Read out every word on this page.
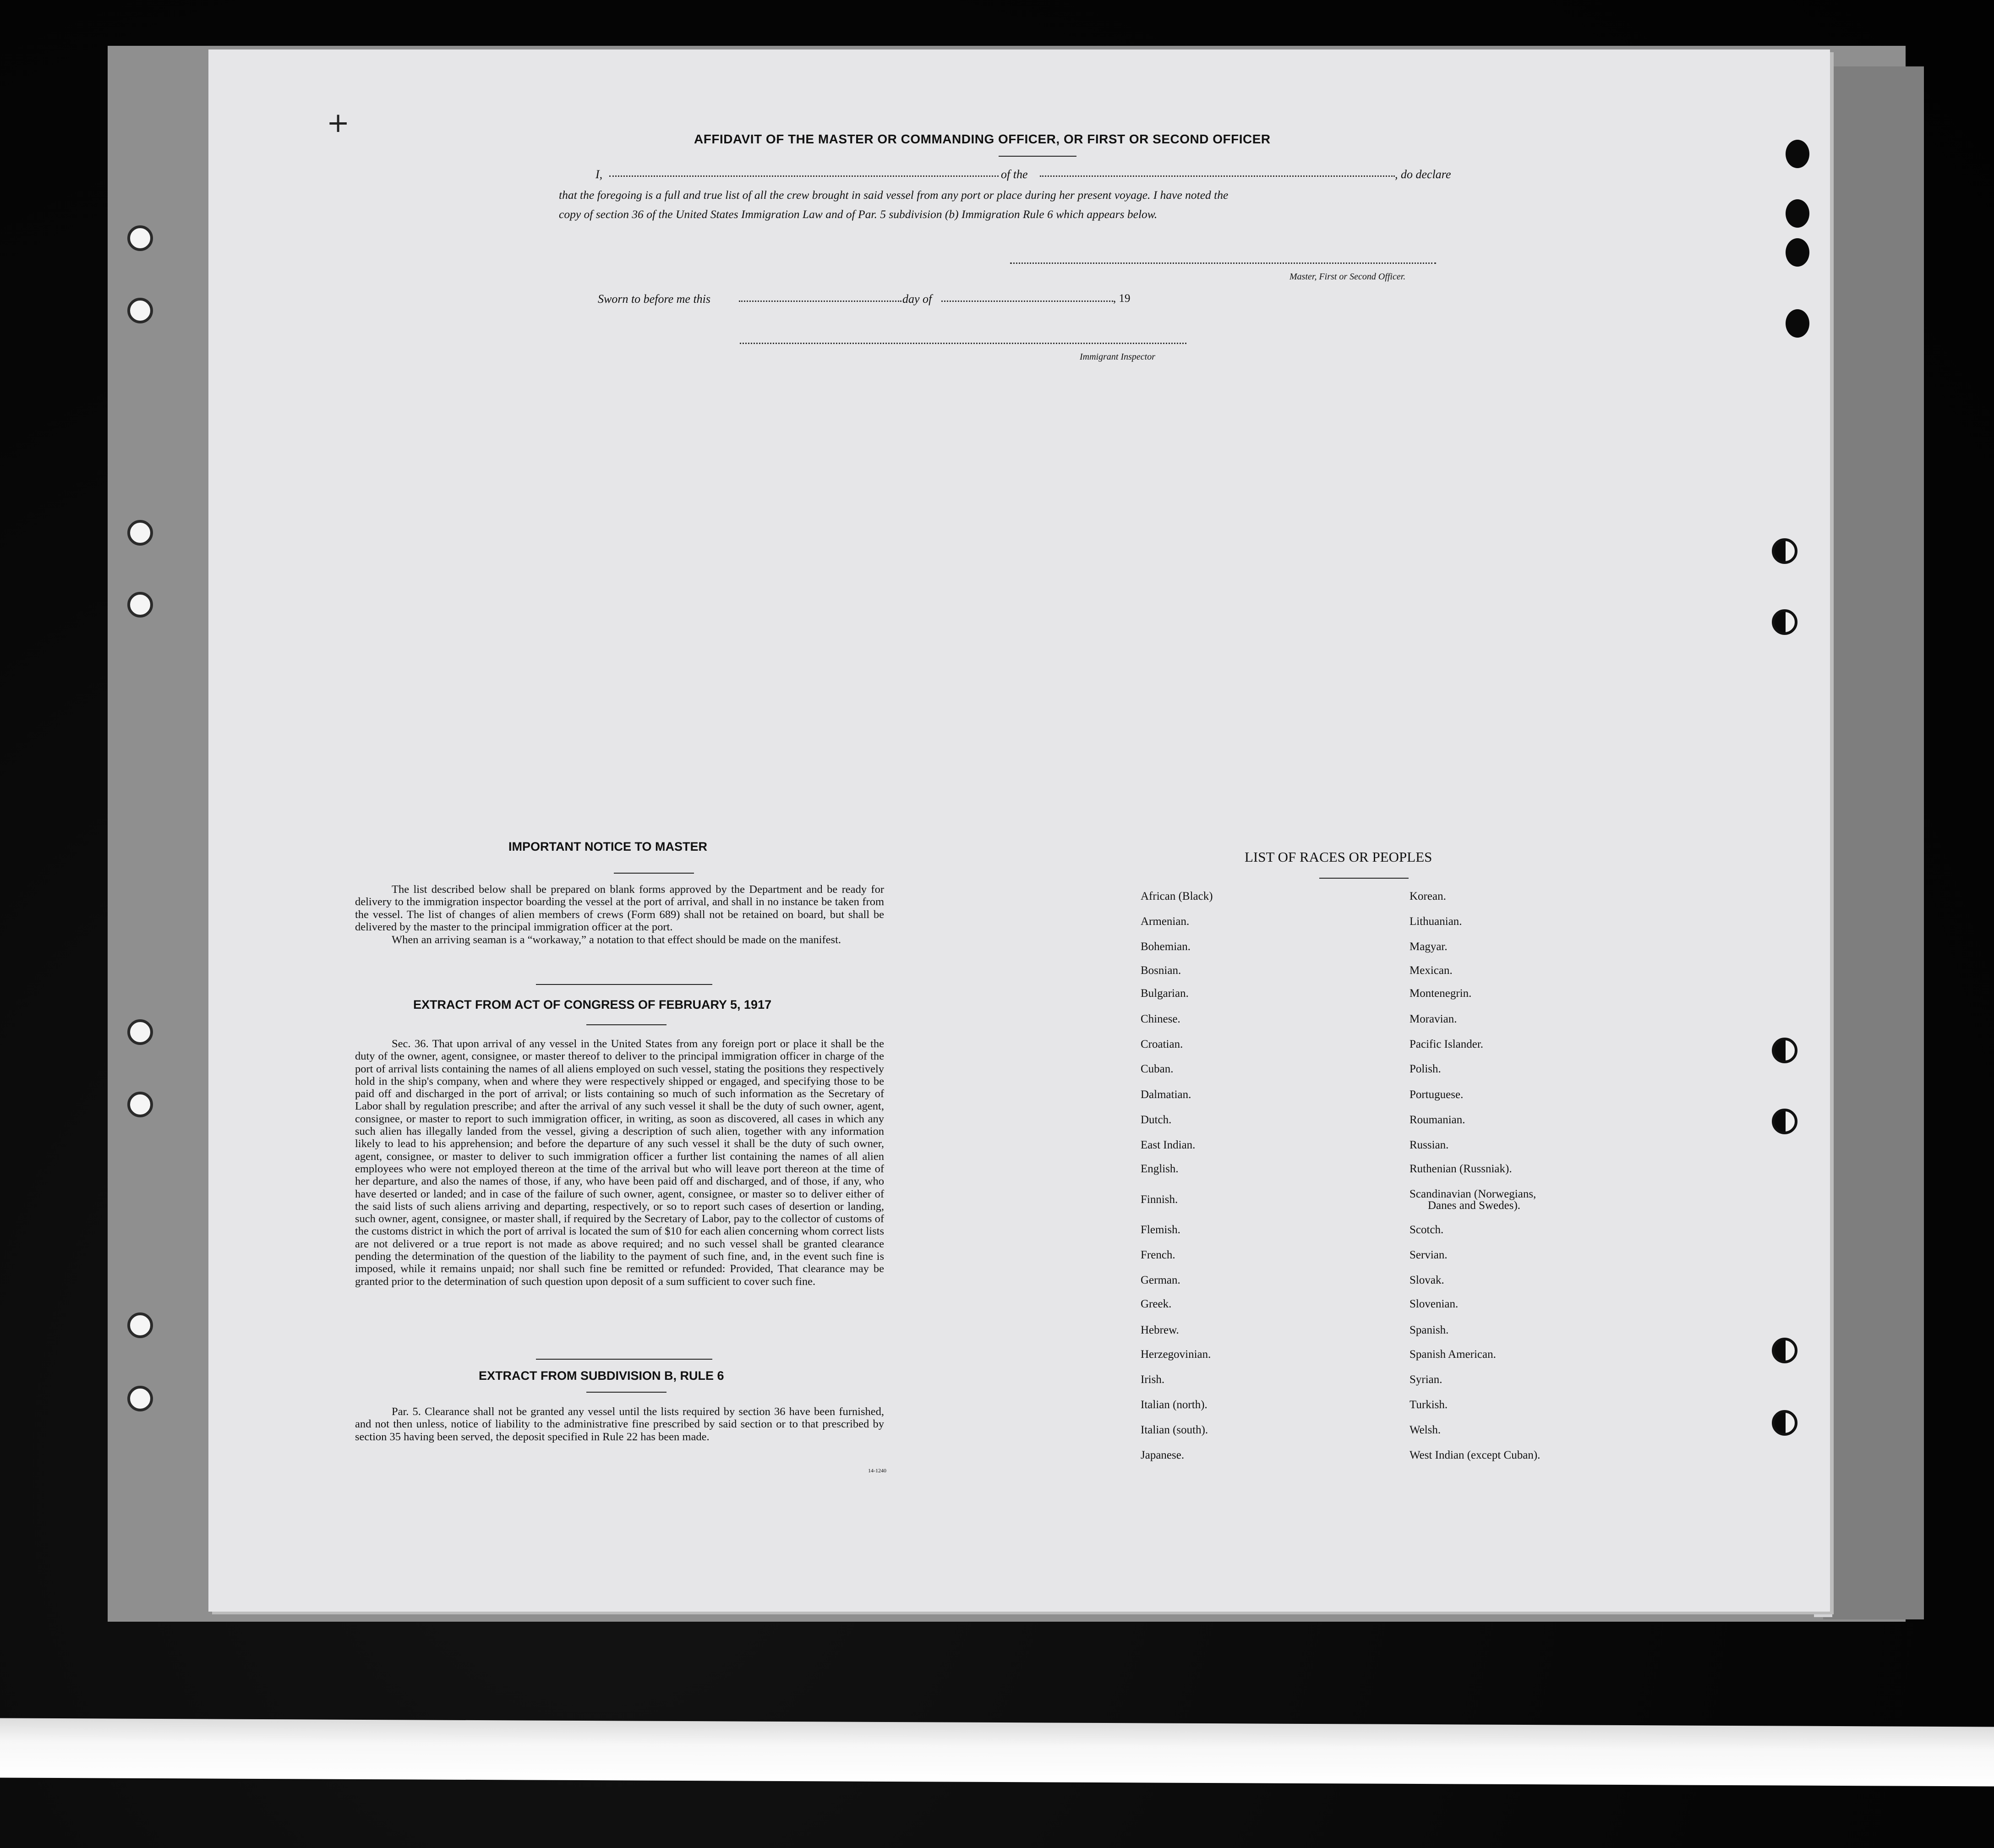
+
AFFIDAVIT OF THE MASTER OR COMMANDING OFFICER, OR FIRST OR SECOND OFFICER
I,	of the	, do declare
that the foregoing is a full and true list of all the crew brought in said vessel from any port or place during her present voyage. I have noted the
copy of section 36 of the United States Immigration Law and of Par. 5 subdivision (b) Immigration Rule 6 which appears below.
Master, First or Second Officer.
Sworn to before me this	day of	, 19
Immigrant Inspector
IMPORTANT NOTICE TO MASTER
The list described below shall be prepared on blank forms approved by the Department and be ready for delivery to the immigration inspector boarding the vessel at the port of arrival, and shall in no instance be taken from the vessel. The list of changes of alien members of crews (Form 689) shall not be retained on board, but shall be delivered by the master to the principal immigration officer at the port.
When an arriving seaman is a “workaway,” a notation to that effect should be made on the manifest.
EXTRACT FROM ACT OF CONGRESS OF FEBRUARY 5, 1917
Sec. 36. That upon arrival of any vessel in the United States from any foreign port or place it shall be the duty of the owner, agent, consignee, or master thereof to deliver to the principal immigration officer in charge of the port of arrival lists containing the names of all aliens employed on such vessel, stating the positions they respectively hold in the ship's company, when and where they were respectively shipped or engaged, and specifying those to be paid off and discharged in the port of arrival; or lists containing so much of such information as the Secretary of Labor shall by regulation prescribe; and after the arrival of any such vessel it shall be the duty of such owner, agent, consignee, or master to report to such immigration officer, in writing, as soon as discovered, all cases in which any such alien has illegally landed from the vessel, giving a description of such alien, together with any information likely to lead to his apprehension; and before the departure of any such vessel it shall be the duty of such owner, agent, consignee, or master to deliver to such immigration officer a further list containing the names of all alien employees who were not employed thereon at the time of the arrival but who will leave port thereon at the time of her departure, and also the names of those, if any, who have been paid off and discharged, and of those, if any, who have deserted or landed; and in case of the failure of such owner, agent, consignee, or master so to deliver either of the said lists of such aliens arriving and departing, respectively, or so to report such cases of desertion or landing, such owner, agent, consignee, or master shall, if required by the Secretary of Labor, pay to the collector of customs of the customs district in which the port of arrival is located the sum of $10 for each alien concerning whom correct lists are not delivered or a true report is not made as above required; and no such vessel shall be granted clearance pending the determination of the question of the liability to the payment of such fine, and, in the event such fine is imposed, while it remains unpaid; nor shall such fine be remitted or refunded: Provided, That clearance may be granted prior to the determination of such question upon deposit of a sum sufficient to cover such fine.
EXTRACT FROM SUBDIVISION B, RULE 6
Par. 5. Clearance shall not be granted any vessel until the lists required by section 36 have been furnished, and not then unless, notice of liability to the administrative fine prescribed by said section or to that prescribed by section 35 having been served, the deposit specified in Rule 22 has been made.
14-1240
LIST OF RACES OR PEOPLES
African (Black)
Armenian.
Bohemian.
Bosnian.
Bulgarian.
Chinese.
Croatian.
Cuban.
Dalmatian.
Dutch.
East Indian.
English.
Finnish.
Flemish.
French.
German.
Greek.
Hebrew.
Herzegovinian.
Irish.
Italian (north).
Italian (south).
Japanese.
Korean.
Lithuanian.
Magyar.
Mexican.
Montenegrin.
Moravian.
Pacific Islander.
Polish.
Portuguese.
Roumanian.
Russian.
Ruthenian (Russniak).
Scandinavian (Norwegians,
Danes and Swedes).
Scotch.
Servian.
Slovak.
Slovenian.
Spanish.
Spanish American.
Syrian.
Turkish.
Welsh.
West Indian (except Cuban).
